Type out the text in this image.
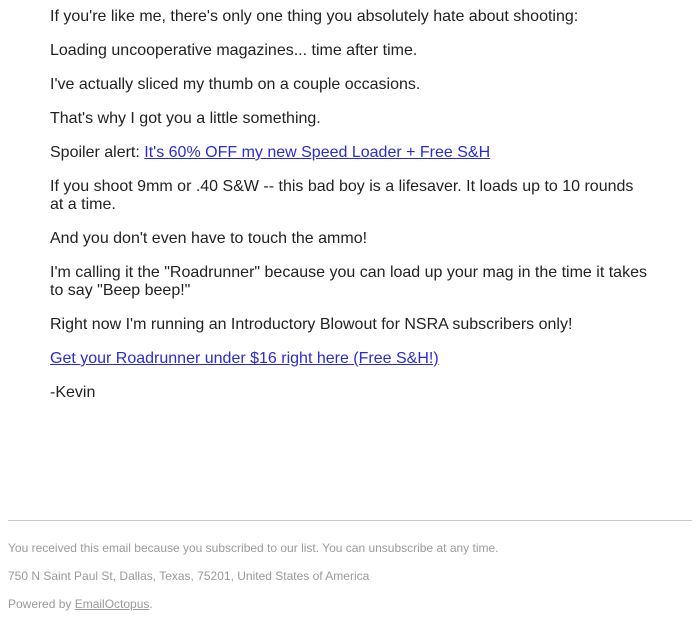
If you're like me, there's only one thing you absolutely hate about shooting:

Loading uncooperative magazines... time after time.

I've actually sliced my thumb on a couple occasions.

That's why I got you a little something.

Spoiler alert: It's 60% OFF my new Speed Loader + Free S&H

If you shoot 9mm or .40 S&W -- this bad boy is a lifesaver. It loads up to 10 rounds at a time.

And you don't even have to touch the ammo!

I'm calling it the "Roadrunner" because you can load up your mag in the time it takes to say "Beep beep!"

Right now I'm running an Introductory Blowout for NSRA subscribers only!

Get your Roadrunner under $16 right here (Free S&H!)

-Kevin

You received this email because you subscribed to our list. You can unsubscribe at any time.

750 N Saint Paul St, Dallas, Texas, 75201, United States of America

Powered by EmailOctopus.
